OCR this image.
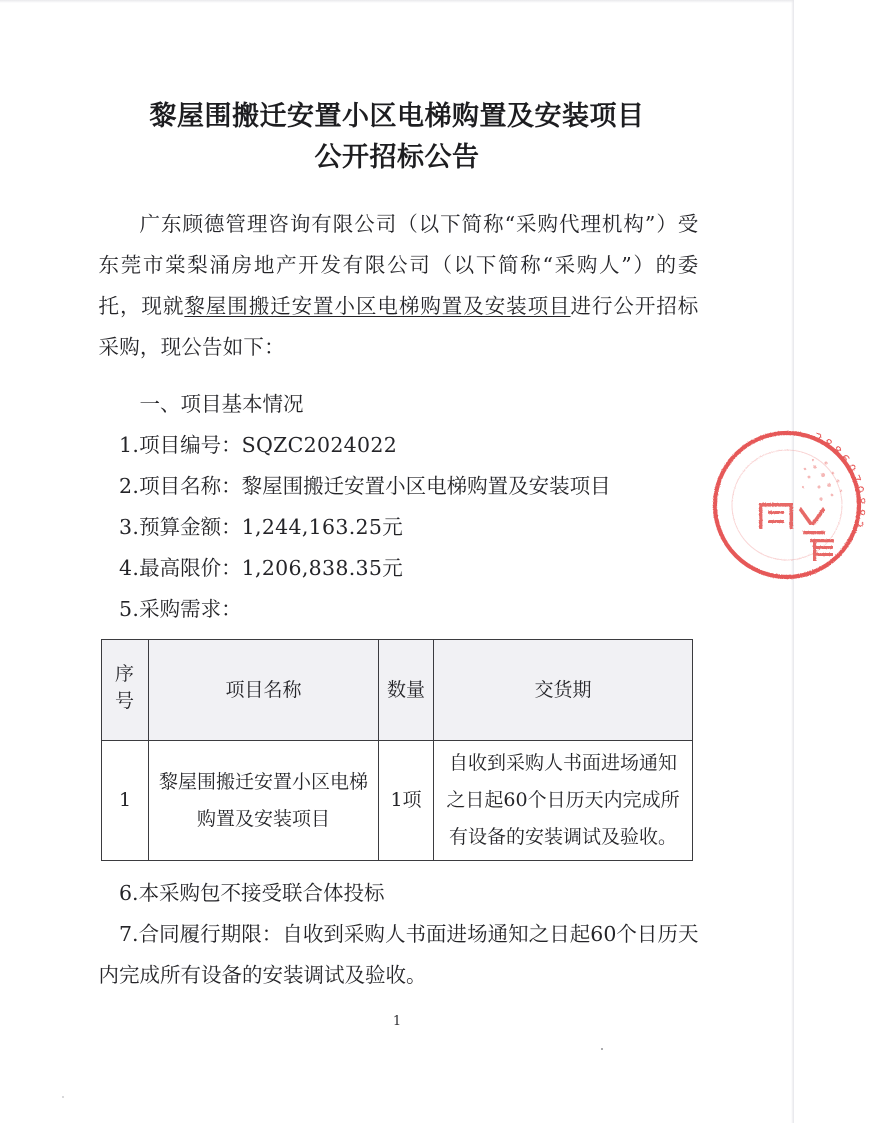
黎屋围搬迁安置小区电梯购置及安装项目
公开招标公告

广东顾德管理咨询有限公司（以下简称“采购代理机构”）受东莞市棠梨涌房地产开发有限公司（以下简称“采购人”）的委托，现就黎屋围搬迁安置小区电梯购置及安装项目进行公开招标采购，现公告如下：

一、项目基本情况

1.项目编号：SQZC2024022

2.项目名称：黎屋围搬迁安置小区电梯购置及安装项目

3.预算金额：1,244,163.25元

4.最高限价：1,206,838.35元

5.采购需求：

序
号	项目名称	数量	交货期
1	黎屋围搬迁安置小区电梯购置及安装项目	1项	自收到采购人书面进场通知之日起60个日历天内完成所有设备的安装调试及验收。

6.本采购包不接受联合体投标

7.合同履行期限：自收到采购人书面进场通知之日起60个日历天内完成所有设备的安装调试及验收。

1
2886079882
